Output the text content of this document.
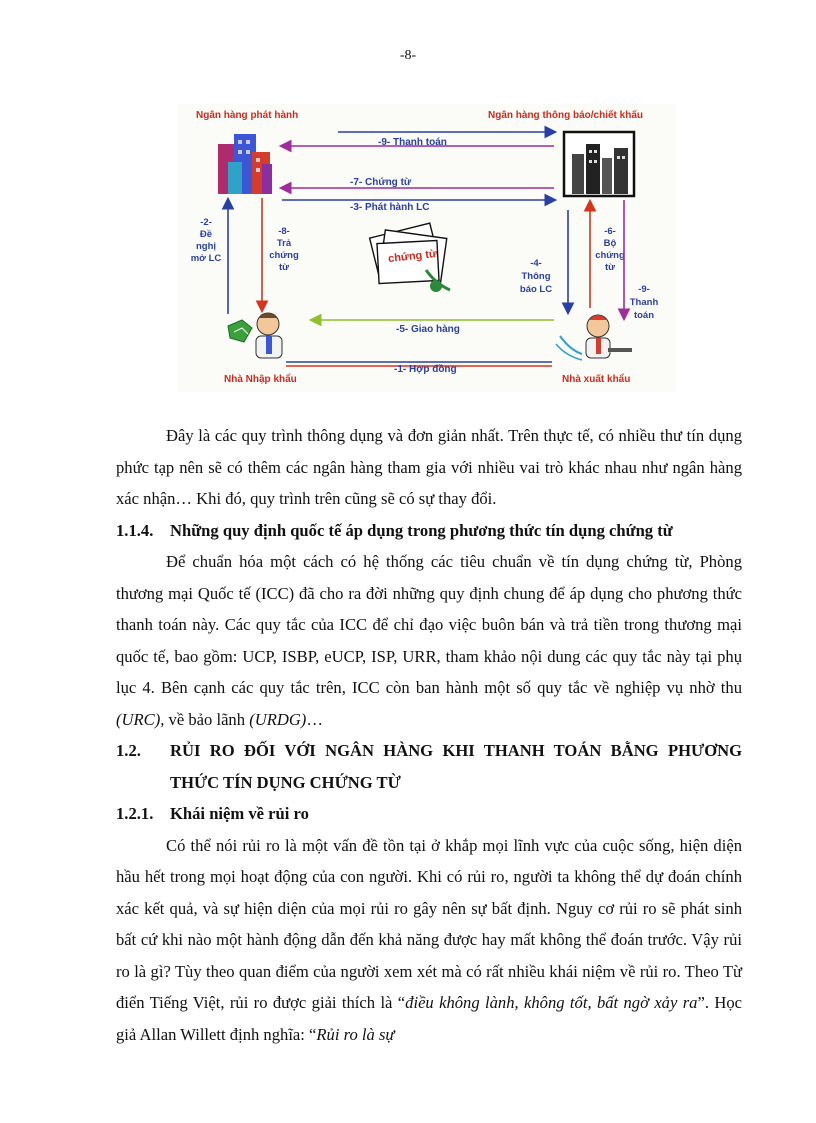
-8-
Ngân hàng phát hành	Ngân hàng thông báo/chiết khấu
Nhà Nhập khẩu	Nhà xuất khẩu
-9- Thanh toán
-7- Chứng từ
-3- Phát hành LC
-2-
Đề
nghị
mở LC
-8-
Trả
chứng
từ
chứng từ	-4-
Thông
báo LC
-6-
Bộ
chứng
từ
-9-
Thanh
toán
-5- Giao hàng
-1- Hợp đồng

Đây là các quy trình thông dụng và đơn giản nhất. Trên thực tế, có nhiều thư tín dụng phức tạp nên sẽ có thêm các ngân hàng tham gia với nhiều vai trò khác nhau như ngân hàng xác nhận… Khi đó, quy trình trên cũng sẽ có sự thay đổi.

1.1.4. Những quy định quốc tế áp dụng trong phương thức tín dụng chứng từ

Để chuẩn hóa một cách có hệ thống các tiêu chuẩn về tín dụng chứng từ, Phòng thương mại Quốc tế (ICC) đã cho ra đời những quy định chung để áp dụng cho phương thức thanh toán này. Các quy tắc của ICC để chỉ đạo việc buôn bán và trả tiền trong thương mại quốc tế, bao gồm: UCP, ISBP, eUCP, ISP, URR, tham khảo nội dung các quy tắc này tại phụ lục 4. Bên cạnh các quy tắc trên, ICC còn ban hành một số quy tắc về nghiệp vụ nhờ thu (URC), về bảo lãnh (URDG)…

1.2. RỦI RO ĐỐI VỚI NGÂN HÀNG KHI THANH TOÁN BẰNG PHƯƠNG
THỨC TÍN DỤNG CHỨNG TỪ

1.2.1. Khái niệm về rủi ro

Có thể nói rủi ro là một vấn đề tồn tại ở khắp mọi lĩnh vực của cuộc sống, hiện diện hầu hết trong mọi hoạt động của con người. Khi có rủi ro, người ta không thể dự đoán chính xác kết quả, và sự hiện diện của mọi rủi ro gây nên sự bất định. Nguy cơ rủi ro sẽ phát sinh bất cứ khi nào một hành động dẫn đến khả năng được hay mất không thể đoán trước. Vậy rủi ro là gì? Tùy theo quan điểm của người xem xét mà có rất nhiều khái niệm về rủi ro. Theo Từ điển Tiếng Việt, rủi ro được giải thích là “điều không lành, không tốt, bất ngờ xảy ra”. Học giả Allan Willett định nghĩa: “Rủi ro là sự
